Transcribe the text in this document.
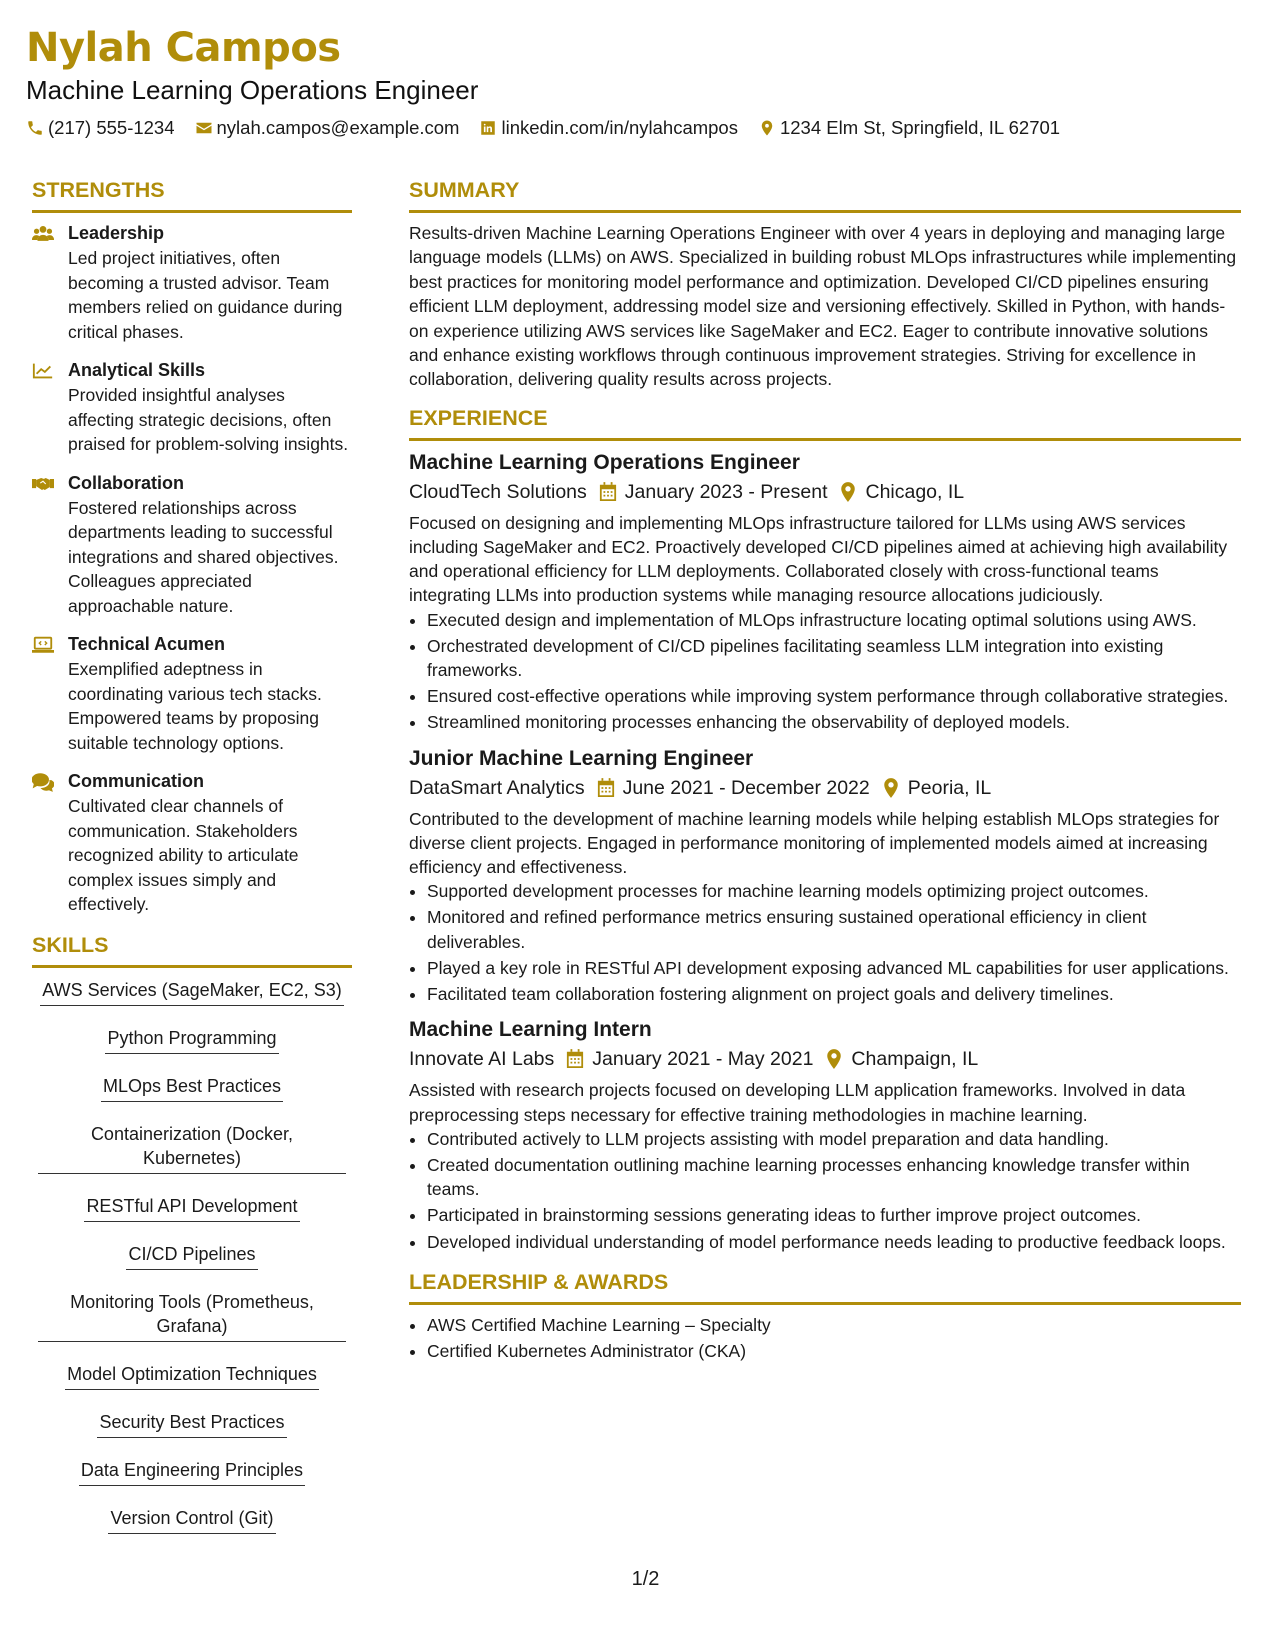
Nylah Campos
Machine Learning Operations Engineer
(217) 555-1234 nylah.campos@example.com linkedin.com/in/nylahcampos 1234 Elm St, Springfield, IL 62701
STRENGTHS
Leadership
Led project initiatives, often becoming a trusted advisor. Team members relied on guidance during critical phases.
Analytical Skills
Provided insightful analyses affecting strategic decisions, often praised for problem-solving insights.
Collaboration
Fostered relationships across departments leading to successful integrations and shared objectives. Colleagues appreciated approachable nature.
Technical Acumen
Exemplified adeptness in coordinating various tech stacks. Empowered teams by proposing suitable technology options.
Communication
Cultivated clear channels of communication. Stakeholders recognized ability to articulate complex issues simply and effectively.
SKILLS
AWS Services (SageMaker, EC2, S3)
Python Programming
MLOps Best Practices
Containerization (Docker, Kubernetes)
RESTful API Development
CI/CD Pipelines
Monitoring Tools (Prometheus, Grafana)
Model Optimization Techniques
Security Best Practices
Data Engineering Principles
Version Control (Git)
SUMMARY
Results-driven Machine Learning Operations Engineer with over 4 years in deploying and managing large language models (LLMs) on AWS. Specialized in building robust MLOps infrastructures while implementing best practices for monitoring model performance and optimization. Developed CI/CD pipelines ensuring efficient LLM deployment, addressing model size and versioning effectively. Skilled in Python, with hands-on experience utilizing AWS services like SageMaker and EC2. Eager to contribute innovative solutions and enhance existing workflows through continuous improvement strategies. Striving for excellence in collaboration, delivering quality results across projects.
EXPERIENCE
Machine Learning Operations Engineer
CloudTech Solutions January 2023 - Present Chicago, IL
Focused on designing and implementing MLOps infrastructure tailored for LLMs using AWS services including SageMaker and EC2. Proactively developed CI/CD pipelines aimed at achieving high availability and operational efficiency for LLM deployments. Collaborated closely with cross-functional teams integrating LLMs into production systems while managing resource allocations judiciously.
• Executed design and implementation of MLOps infrastructure locating optimal solutions using AWS.
• Orchestrated development of CI/CD pipelines facilitating seamless LLM integration into existing frameworks.
• Ensured cost-effective operations while improving system performance through collaborative strategies.
• Streamlined monitoring processes enhancing the observability of deployed models.
Junior Machine Learning Engineer
DataSmart Analytics June 2021 - December 2022 Peoria, IL
Contributed to the development of machine learning models while helping establish MLOps strategies for diverse client projects. Engaged in performance monitoring of implemented models aimed at increasing efficiency and effectiveness.
• Supported development processes for machine learning models optimizing project outcomes.
• Monitored and refined performance metrics ensuring sustained operational efficiency in client deliverables.
• Played a key role in RESTful API development exposing advanced ML capabilities for user applications.
• Facilitated team collaboration fostering alignment on project goals and delivery timelines.
Machine Learning Intern
Innovate AI Labs January 2021 - May 2021 Champaign, IL
Assisted with research projects focused on developing LLM application frameworks. Involved in data preprocessing steps necessary for effective training methodologies in machine learning.
• Contributed actively to LLM projects assisting with model preparation and data handling.
• Created documentation outlining machine learning processes enhancing knowledge transfer within teams.
• Participated in brainstorming sessions generating ideas to further improve project outcomes.
• Developed individual understanding of model performance needs leading to productive feedback loops.
LEADERSHIP & AWARDS
• AWS Certified Machine Learning – Specialty
• Certified Kubernetes Administrator (CKA)
1/2
